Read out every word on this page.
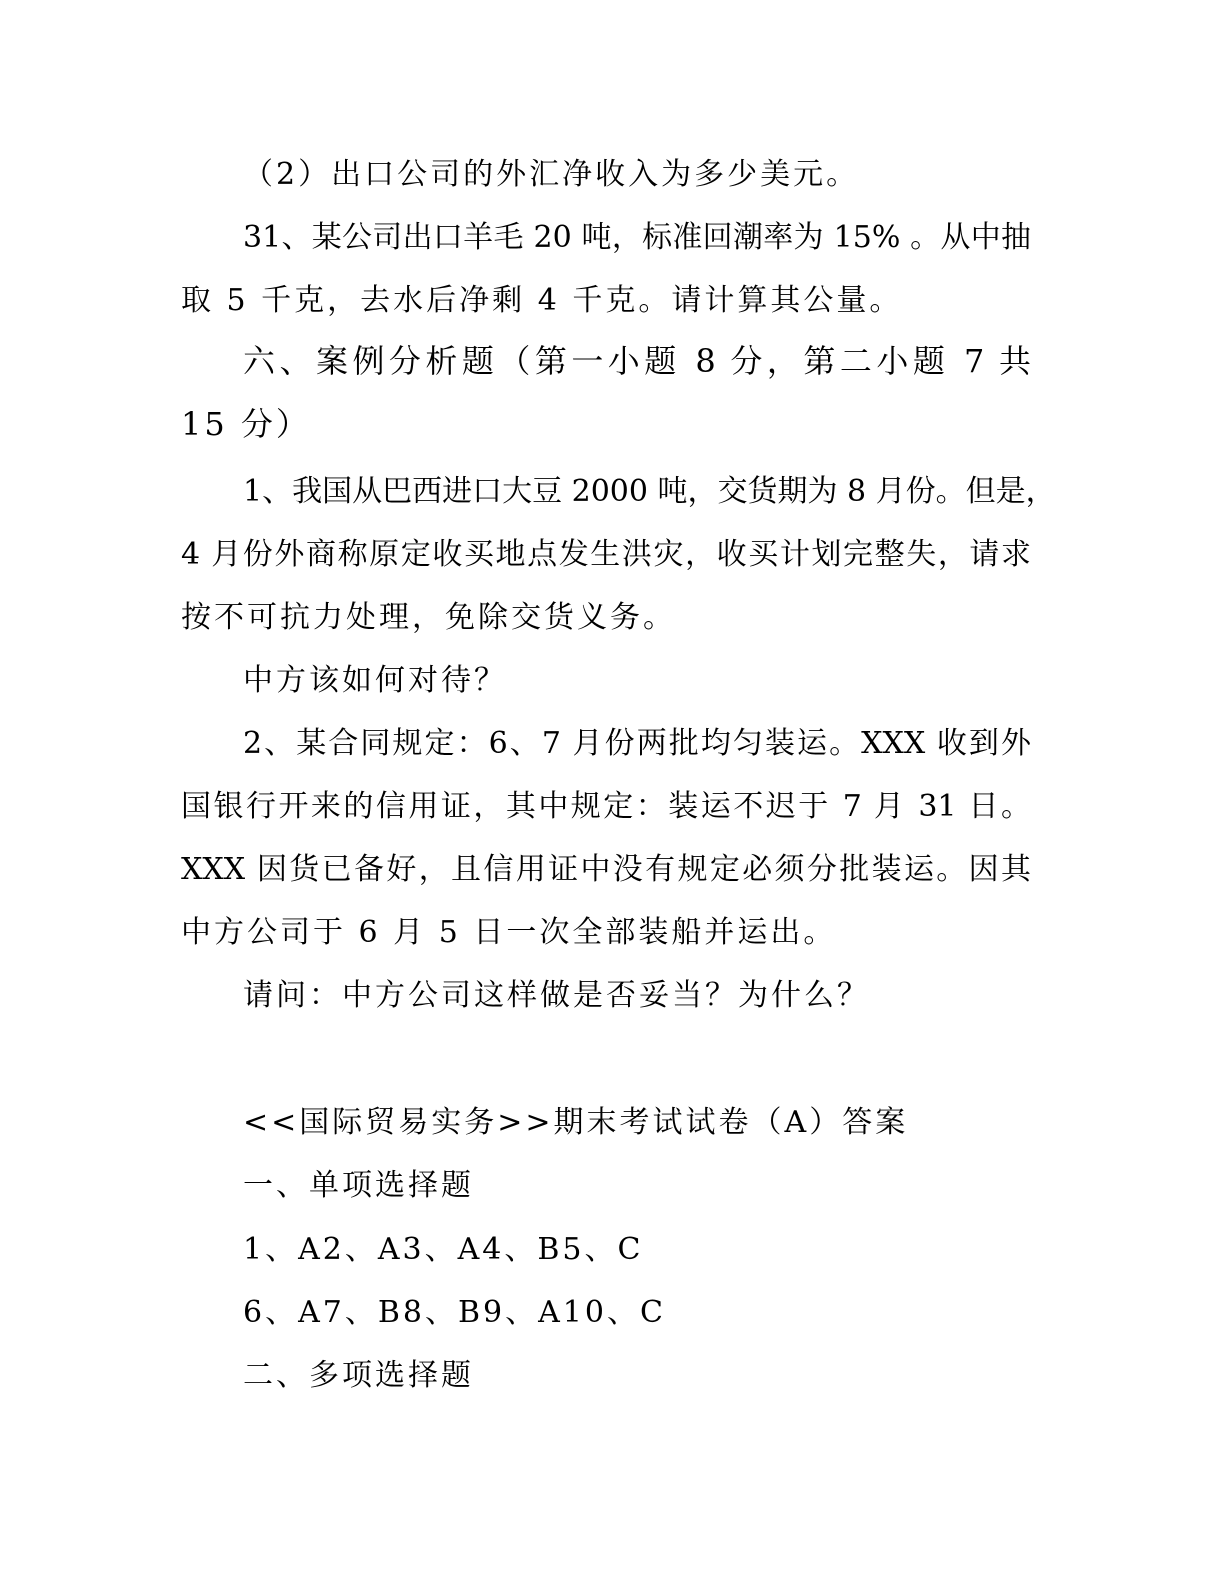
（2）出口公司的外汇净收入为多少美元。

31、某公司出口羊毛 20 吨，标准回潮率为 15% 。从中抽

取 5 千克，去水后净剩 4 千克。请计算其公量。

六、案例分析题（第一小题 8 分，第二小题 7 共

15 分）

1、我国从巴西进口大豆 2000 吨，交货期为 8 月份。但是，

4 月份外商称原定收买地点发生洪灾，收买计划完整失，请求

按不可抗力处理，免除交货义务。

中方该如何对待？

2、某合同规定：6、7 月份两批均匀装运。XXX 收到外

国银行开来的信用证，其中规定：装运不迟于 7 月 31 日。

XXX 因货已备好，且信用证中没有规定必须分批装运。因其

中方公司于 6 月 5 日一次全部装船并运出。

请问：中方公司这样做是否妥当？为什么？

<<国际贸易实务>>期末考试试卷（A）答案

一、单项选择题

1、A2、A3、A4、B5、C

6、A7、B8、B9、A10、C

二、多项选择题
